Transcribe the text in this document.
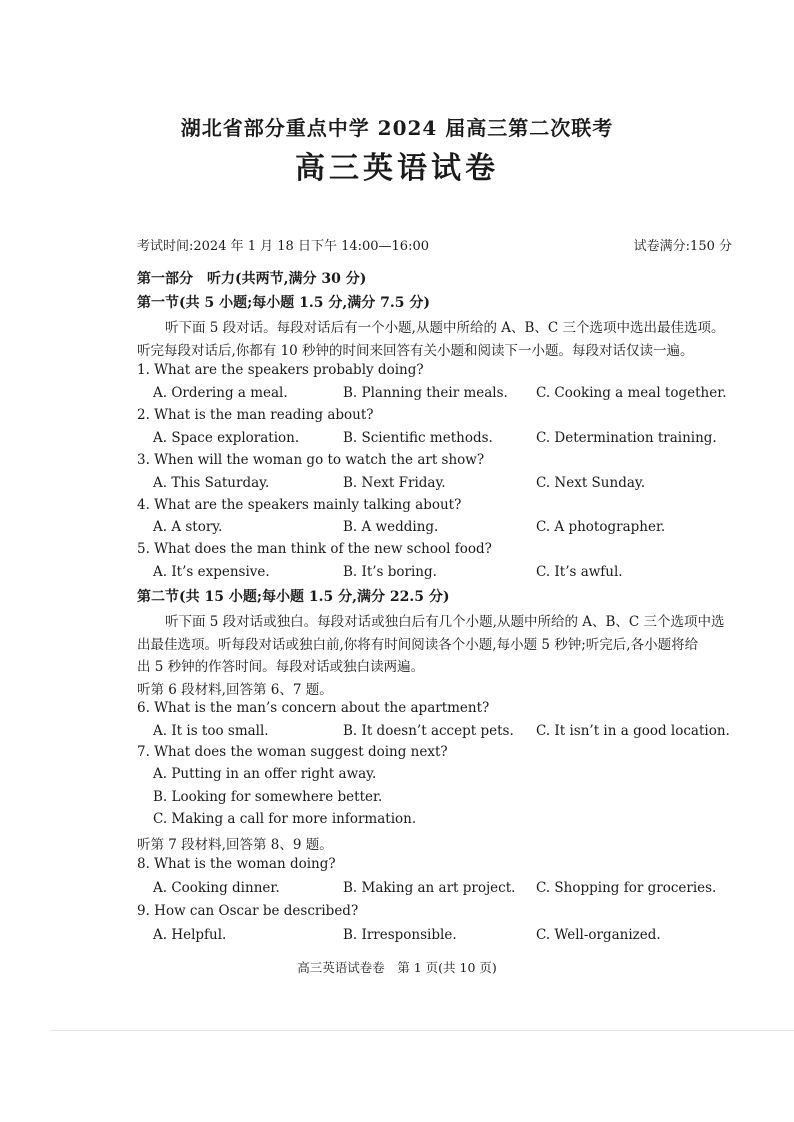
湖北省部分重点中学 2024 届高三第二次联考
高三英语试卷
考试时间:2024 年 1 月 18 日下午 14:00—16:00	试卷满分:150 分
第一部分　听力(共两节,满分 30 分)
第一节(共 5 小题;每小题 1.5 分,满分 7.5 分)
听下面 5 段对话。每段对话后有一个小题,从题中所给的 A、B、C 三个选项中选出最佳选项。
听完每段对话后,你都有 10 秒钟的时间来回答有关小题和阅读下一小题。每段对话仅读一遍。
1. What are the speakers probably doing?
A. Ordering a meal.	B. Planning their meals. C. Cooking a meal together.
2. What is the man reading about?
A. Space exploration.	B. Scientific methods.	C. Determination training.
3. When will the woman go to watch the art show?
A. This Saturday.	B. Next Friday.	C. Next Sunday.
4. What are the speakers mainly talking about?
A. A story.	B. A wedding.	C. A photographer.
5. What does the man think of the new school food?
A. It’s expensive.	B. It’s boring.	C. It’s awful.
第二节(共 15 小题;每小题 1.5 分,满分 22.5 分)
听下面 5 段对话或独白。每段对话或独白后有几个小题,从题中所给的 A、B、C 三个选项中选
出最佳选项。听每段对话或独白前,你将有时间阅读各个小题,每小题 5 秒钟;听完后,各小题将给
出 5 秒钟的作答时间。每段对话或独白读两遍。
听第 6 段材料,回答第 6、7 题。
6. What is the man’s concern about the apartment?
A. It is too small.	B. It doesn’t accept pets. C. It isn’t in a good location.
7. What does the woman suggest doing next?
A. Putting in an offer right away.
B. Looking for somewhere better.
C. Making a call for more information.
听第 7 段材料,回答第 8、9 题。
8. What is the woman doing?
A. Cooking dinner.	B. Making an art project. C. Shopping for groceries.
9. How can Oscar be described?
A. Helpful.	B. Irresponsible.	C. Well-organized.
高三英语试卷卷　第 1 页(共 10 页)
